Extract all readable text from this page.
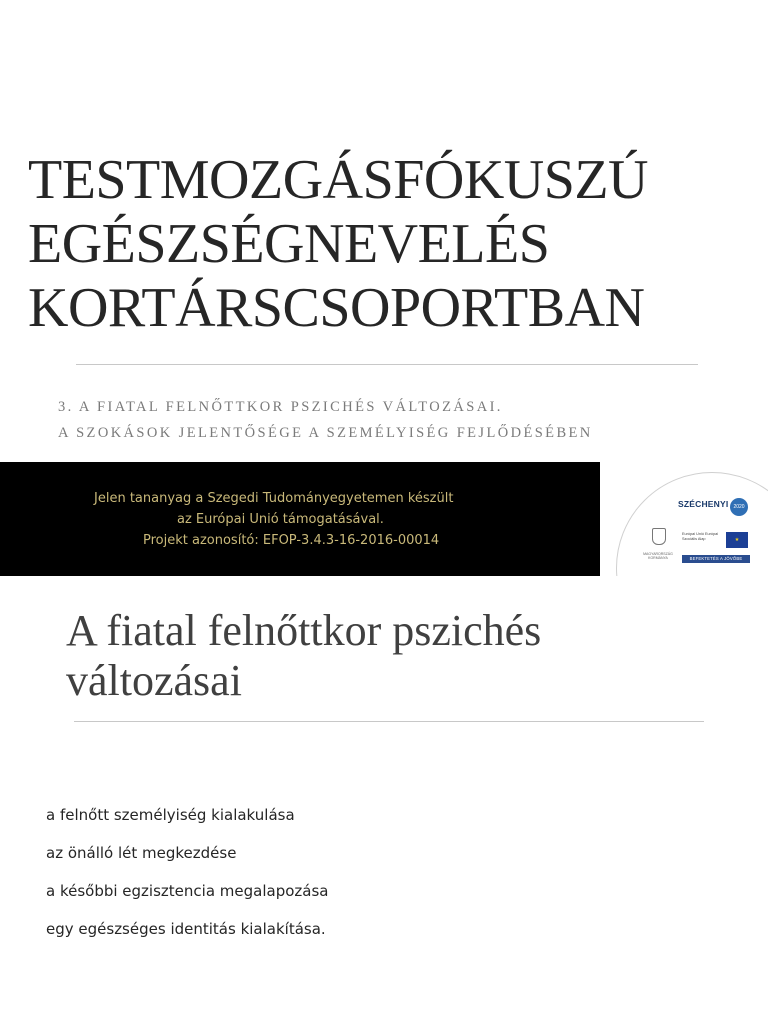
TESTMOZGÁSFÓKUSZÚ
EGÉSZSÉGNEVELÉS
KORTÁRSCSOPORTBAN
3. A FIATAL FELNŐTTKOR PSZICHÉS VÁLTOZÁSAI.
A SZOKÁSOK JELENTŐSÉGE A SZEMÉLYISÉG FEJLŐDÉSÉBEN
Jelen tananyag a Szegedi Tudományegyetemen készült
az Európai Unió támogatásával.
Projekt azonosító: EFOP-3.4.3-16-2016-00014
SZÉCHENYI 2020
MAGYARORSZÁG KORMÁNYA
Európai Unió Európai Szociális Alap	★
BEFEKTETÉS A JÖVŐBE
A fiatal felnőttkor pszichés
változásai
a felnőtt személyiség kialakulása
az önálló lét megkezdése
a későbbi egzisztencia megalapozása
egy egészséges identitás kialakítása.
